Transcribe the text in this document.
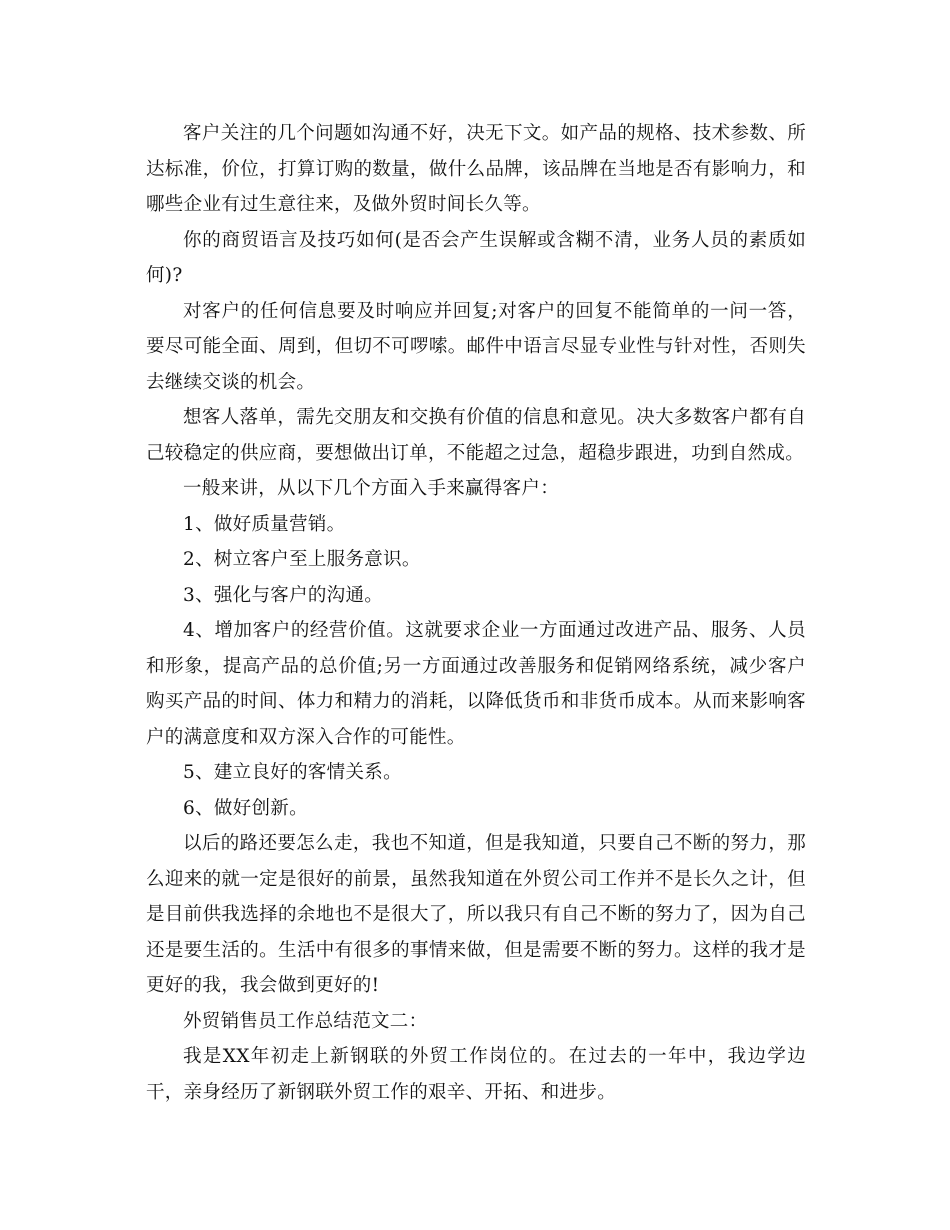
客户关注的几个问题如沟通不好，决无下文。如产品的规格、技术参数、所达标准，价位，打算订购的数量，做什么品牌，该品牌在当地是否有影响力，和哪些企业有过生意往来，及做外贸时间长久等。

你的商贸语言及技巧如何(是否会产生误解或含糊不清，业务人员的素质如何)?

对客户的任何信息要及时响应并回复;对客户的回复不能简单的一问一答，要尽可能全面、周到，但切不可啰嗦。邮件中语言尽显专业性与针对性，否则失去继续交谈的机会。

想客人落单，需先交朋友和交换有价值的信息和意见。决大多数客户都有自己较稳定的供应商，要想做出订单，不能超之过急，超稳步跟进，功到自然成。

一般来讲，从以下几个方面入手来赢得客户：

1、做好质量营销。

2、树立客户至上服务意识。

3、强化与客户的沟通。

4、增加客户的经营价值。这就要求企业一方面通过改进产品、服务、人员和形象，提高产品的总价值;另一方面通过改善服务和促销网络系统，减少客户购买产品的时间、体力和精力的消耗，以降低货币和非货币成本。从而来影响客户的满意度和双方深入合作的可能性。

5、建立良好的客情关系。

6、做好创新。

以后的路还要怎么走，我也不知道，但是我知道，只要自己不断的努力，那么迎来的就一定是很好的前景，虽然我知道在外贸公司工作并不是长久之计，但是目前供我选择的余地也不是很大了，所以我只有自己不断的努力了，因为自己还是要生活的。生活中有很多的事情来做，但是需要不断的努力。这样的我才是更好的我，我会做到更好的!

外贸销售员工作总结范文二：

我是XX年初走上新钢联的外贸工作岗位的。在过去的一年中，我边学边干，亲身经历了新钢联外贸工作的艰辛、开拓、和进步。
